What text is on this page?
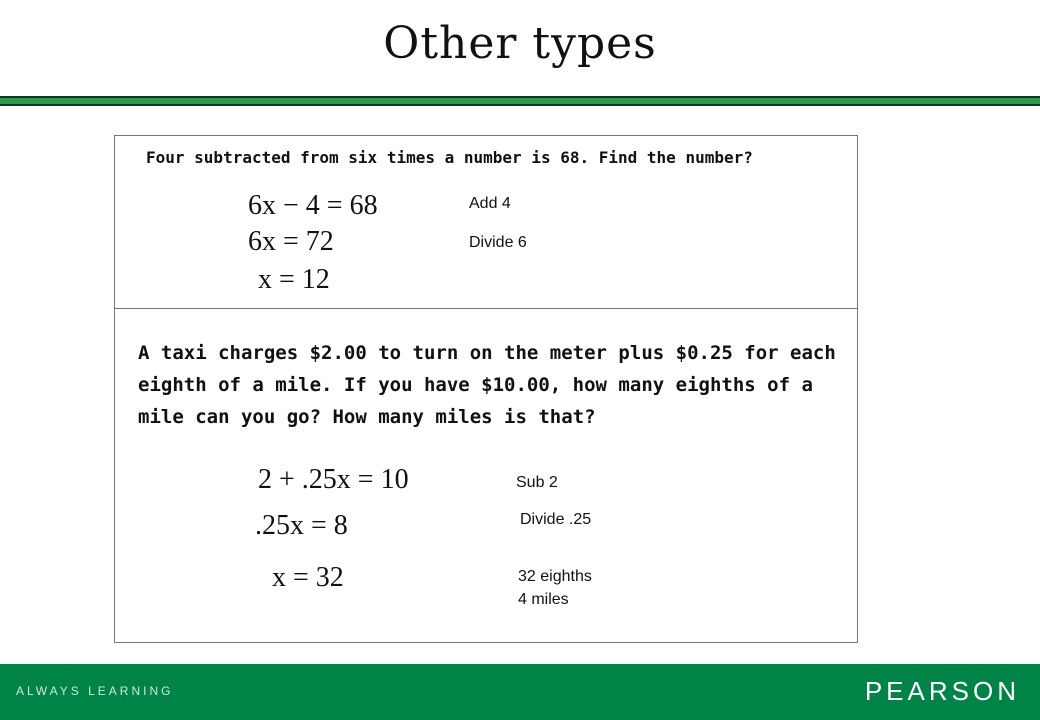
Other types
Four subtracted from six times a number is 68. Find the number?
6x − 4 = 68
6x = 72
x = 12
Add 4
Divide 6
A taxi charges $2.00 to turn on the meter plus $0.25 for each eighth of a mile. If you have $10.00, how many eighths of a mile can you go? How many miles is that?
2 + .25x = 10
.25x = 8
x = 32
Sub 2
Divide .25
32 eighths
4 miles
ALWAYS LEARNING	PEARSON
